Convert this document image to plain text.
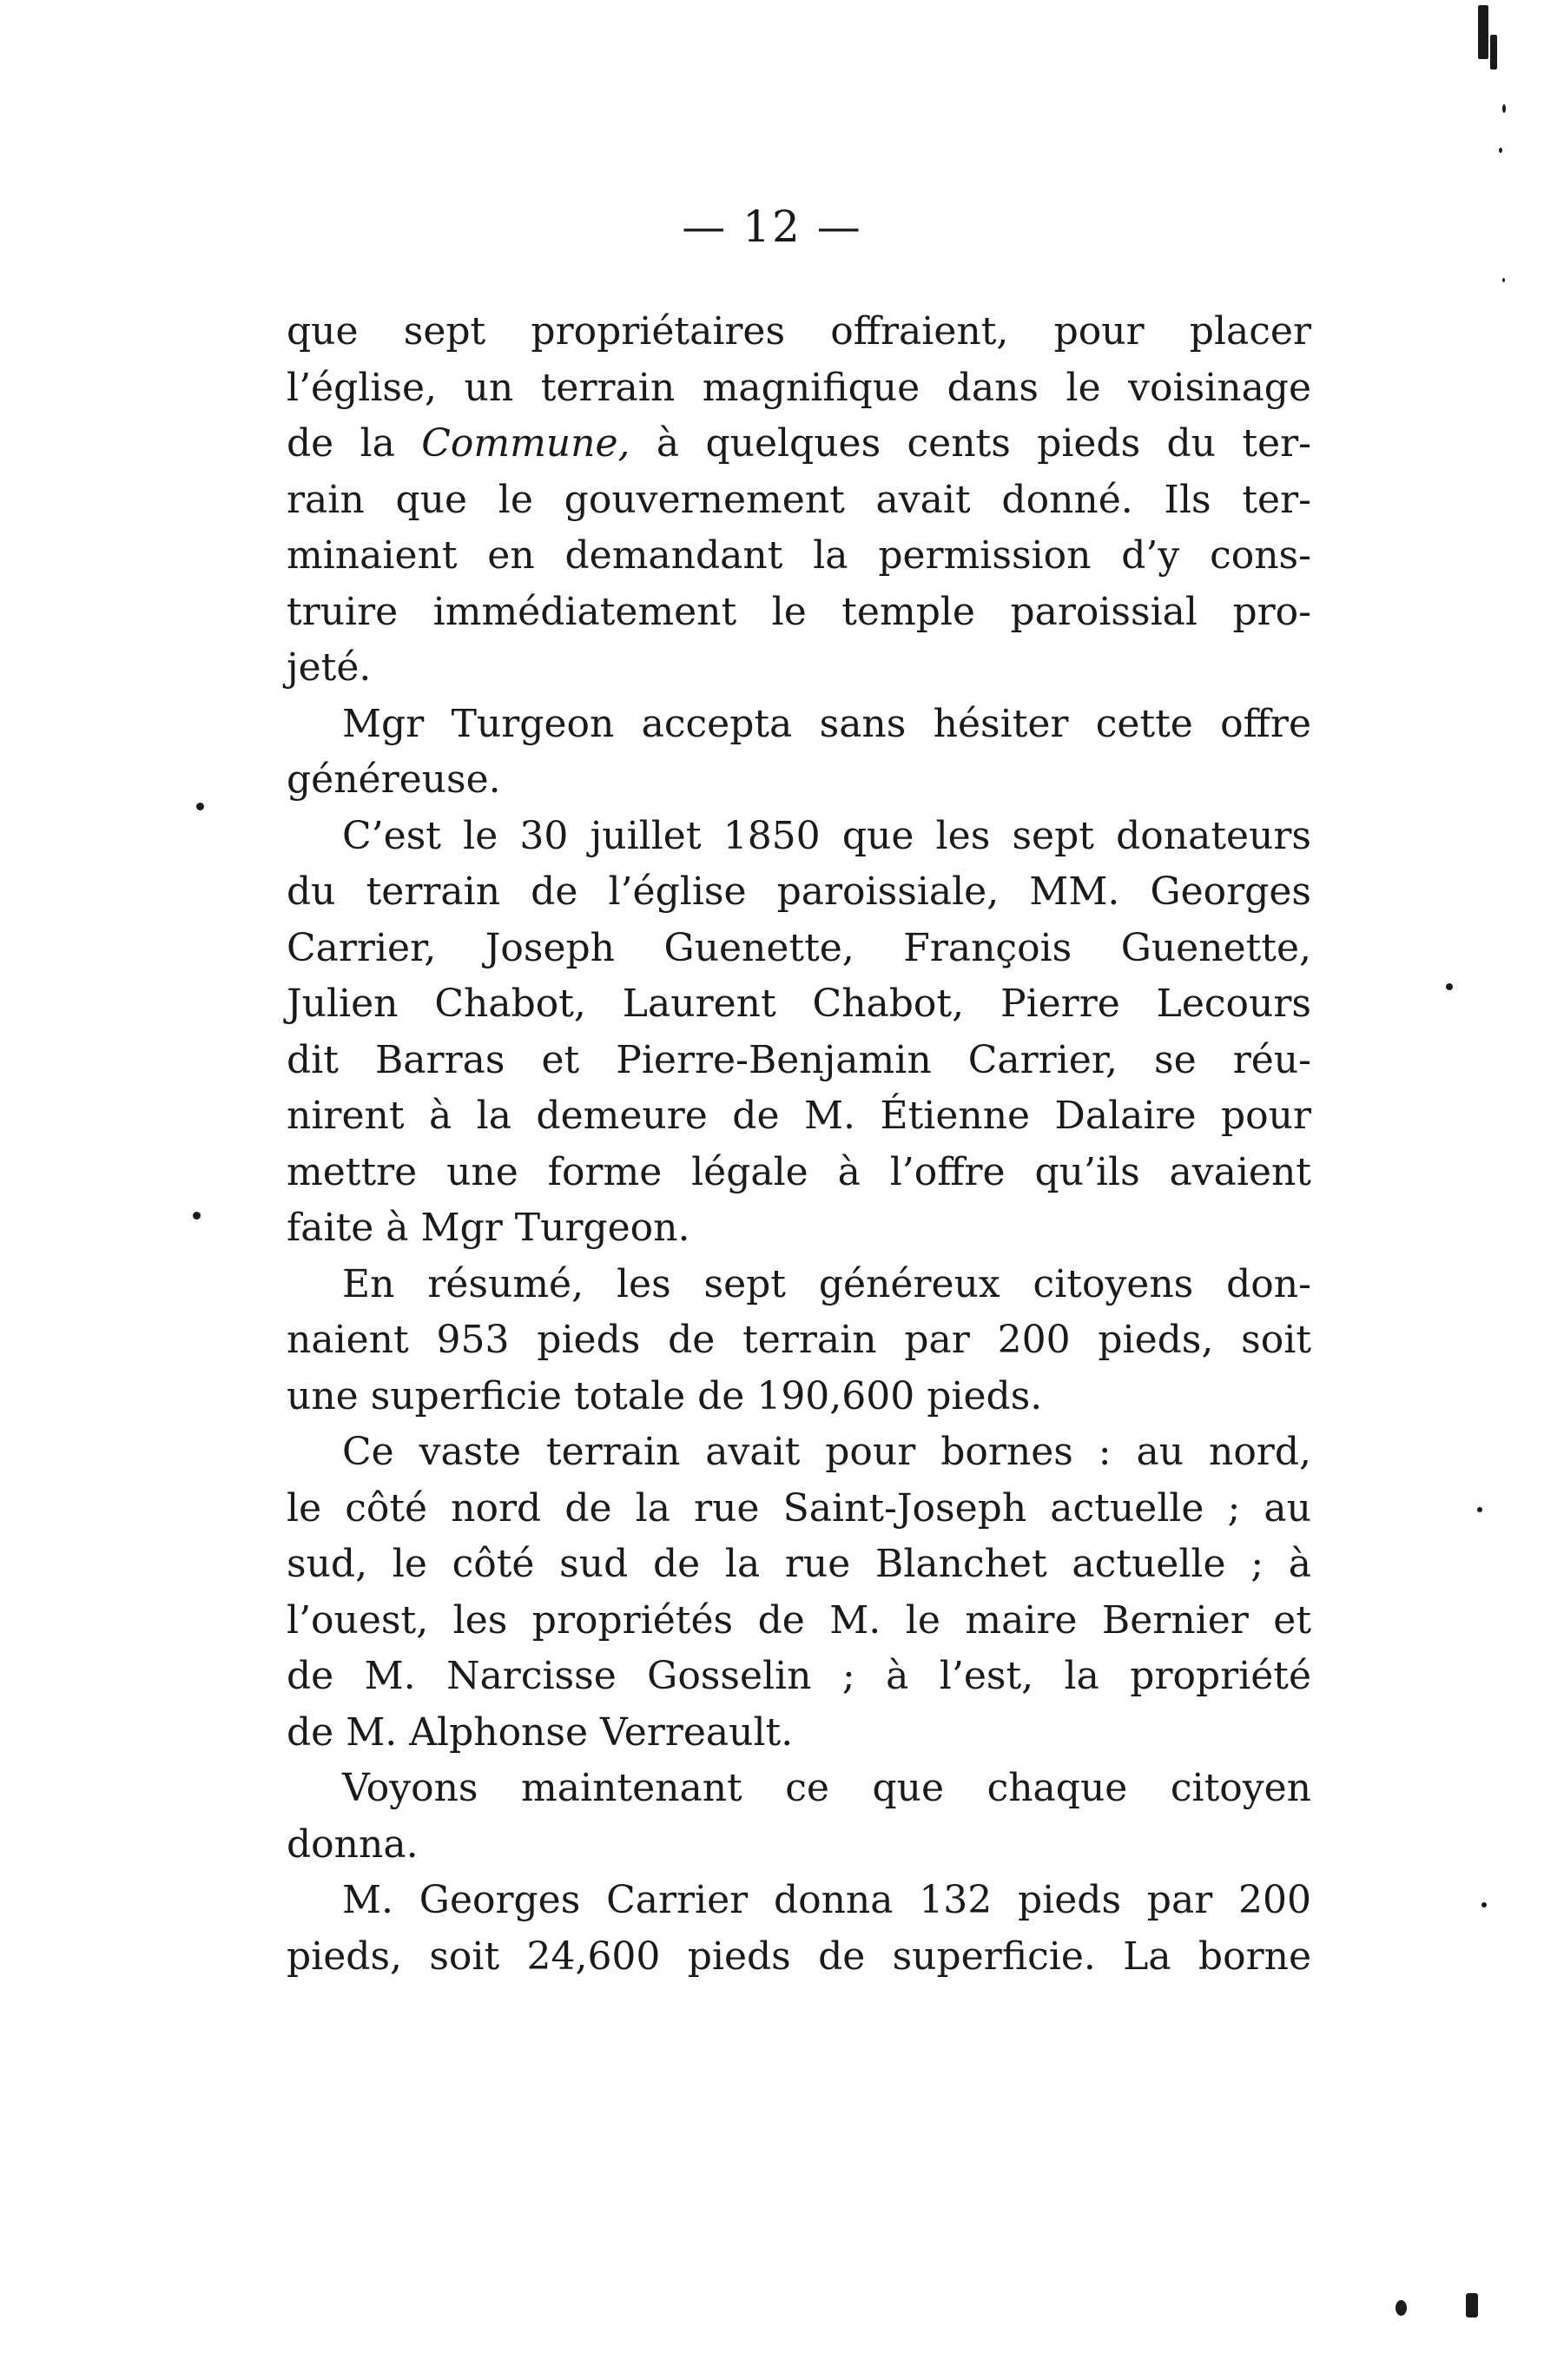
— 12 —
que sept propriétaires offraient, pour placer
l’église, un terrain magnifique dans le voisinage
de la Commune, à quelques cents pieds du ter-
rain que le gouvernement avait donné. Ils ter-
minaient en demandant la permission d’y cons-
truire immédiatement le temple paroissial pro-
jeté.
Mgr Turgeon accepta sans hésiter cette offre
généreuse.
C’est le 30 juillet 1850 que les sept donateurs
du terrain de l’église paroissiale, MM. Georges
Carrier, Joseph Guenette, François Guenette,
Julien Chabot, Laurent Chabot, Pierre Lecours
dit Barras et Pierre-Benjamin Carrier, se réu-
nirent à la demeure de M. Étienne Dalaire pour
mettre une forme légale à l’offre qu’ils avaient
faite à Mgr Turgeon.
En résumé, les sept généreux citoyens don-
naient 953 pieds de terrain par 200 pieds, soit
une superficie totale de 190,600 pieds.
Ce vaste terrain avait pour bornes : au nord,
le côté nord de la rue Saint-Joseph actuelle ; au
sud, le côté sud de la rue Blanchet actuelle ; à
l’ouest, les propriétés de M. le maire Bernier et
de M. Narcisse Gosselin ; à l’est, la propriété
de M. Alphonse Verreault.
Voyons maintenant ce que chaque citoyen
donna.
M. Georges Carrier donna 132 pieds par 200
pieds, soit 24,600 pieds de superficie. La borne
